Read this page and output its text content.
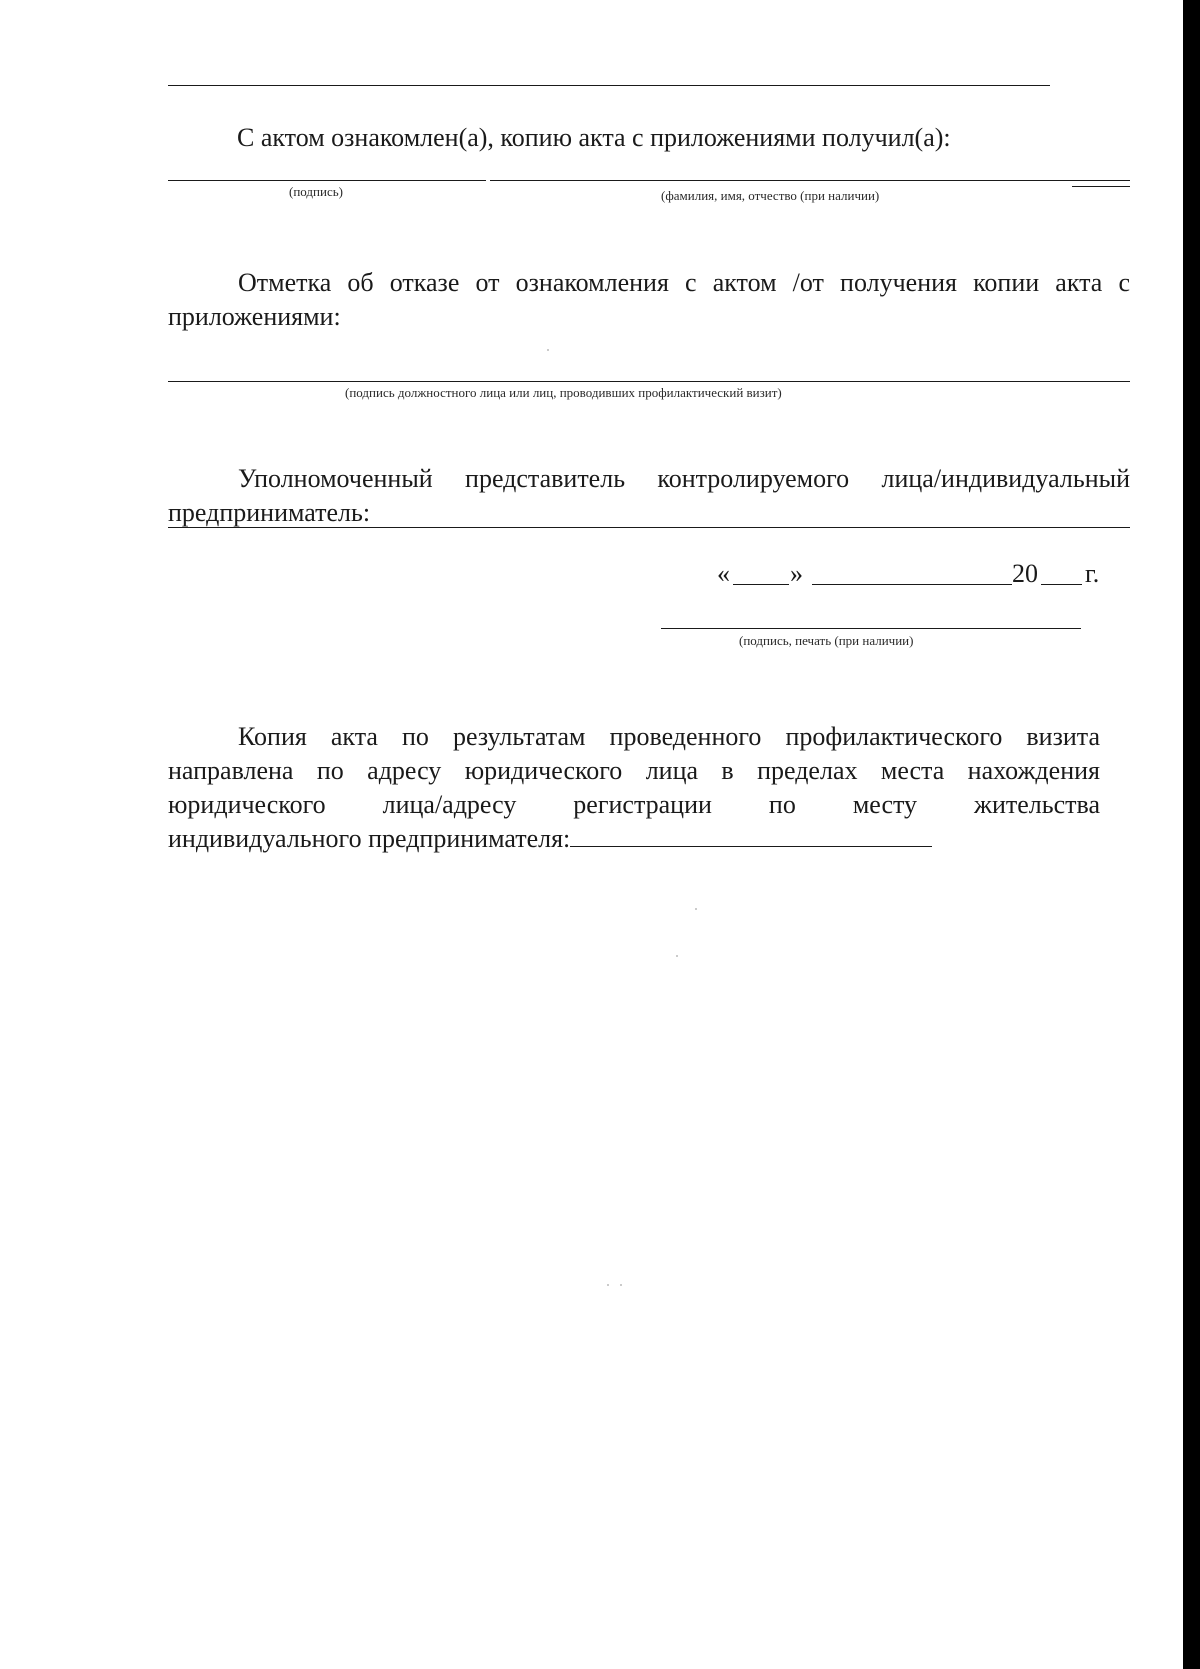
С актом ознакомлен(а), копию акта с приложениями получил(а):
(подпись)	(фамилия, имя, отчество (при наличии)
Отметка об отказе от ознакомления с актом /от получения копии акта с
приложениями:
(подпись должностного лица или лиц, проводивших профилактический визит)
Уполномоченный представитель контролируемого лица/индивидуальный
предприниматель:
« »	20 г.
(подпись, печать (при наличии)
Копия акта по результатам проведенного профилактического визита
направлена по адресу юридического лица в пределах места нахождения
юридического лица/адресу регистрации по месту жительства
индивидуального предпринимателя:
